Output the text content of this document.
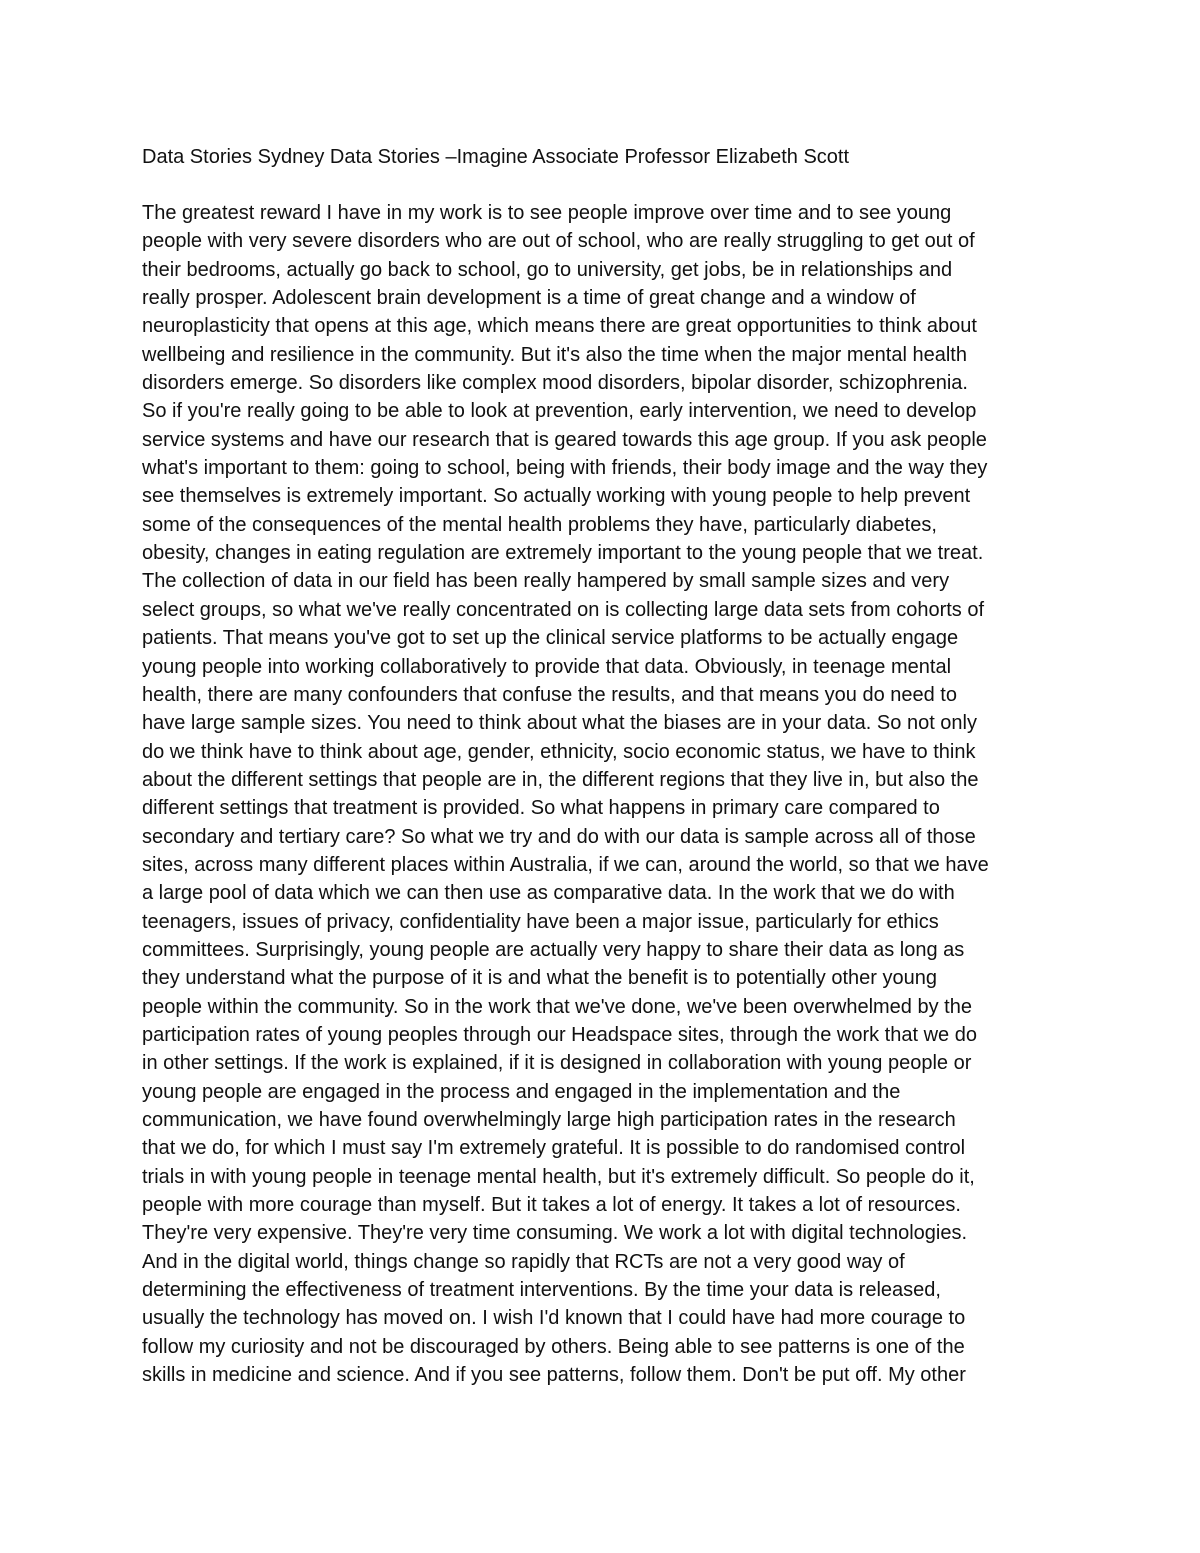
Data Stories Sydney Data Stories –Imagine Associate Professor Elizabeth Scott
The greatest reward I have in my work is to see people improve over time and to see young
people with very severe disorders who are out of school, who are really struggling to get out of
their bedrooms, actually go back to school, go to university, get jobs, be in relationships and
really prosper. Adolescent brain development is a time of great change and a window of
neuroplasticity that opens at this age, which means there are great opportunities to think about
wellbeing and resilience in the community. But it's also the time when the major mental health
disorders emerge. So disorders like complex mood disorders, bipolar disorder, schizophrenia.
So if you're really going to be able to look at prevention, early intervention, we need to develop
service systems and have our research that is geared towards this age group. If you ask people
what's important to them: going to school, being with friends, their body image and the way they
see themselves is extremely important. So actually working with young people to help prevent
some of the consequences of the mental health problems they have, particularly diabetes,
obesity, changes in eating regulation are extremely important to the young people that we treat.
The collection of data in our field has been really hampered by small sample sizes and very
select groups, so what we've really concentrated on is collecting large data sets from cohorts of
patients. That means you've got to set up the clinical service platforms to be actually engage
young people into working collaboratively to provide that data. Obviously, in teenage mental
health, there are many confounders that confuse the results, and that means you do need to
have large sample sizes. You need to think about what the biases are in your data. So not only
do we think have to think about age, gender, ethnicity, socio economic status, we have to think
about the different settings that people are in, the different regions that they live in, but also the
different settings that treatment is provided. So what happens in primary care compared to
secondary and tertiary care? So what we try and do with our data is sample across all of those
sites, across many different places within Australia, if we can, around the world, so that we have
a large pool of data which we can then use as comparative data. In the work that we do with
teenagers, issues of privacy, confidentiality have been a major issue, particularly for ethics
committees. Surprisingly, young people are actually very happy to share their data as long as
they understand what the purpose of it is and what the benefit is to potentially other young
people within the community. So in the work that we've done, we've been overwhelmed by the
participation rates of young peoples through our Headspace sites, through the work that we do
in other settings. If the work is explained, if it is designed in collaboration with young people or
young people are engaged in the process and engaged in the implementation and the
communication, we have found overwhelmingly large high participation rates in the research
that we do, for which I must say I'm extremely grateful. It is possible to do randomised control
trials in with young people in teenage mental health, but it's extremely difficult. So people do it,
people with more courage than myself. But it takes a lot of energy. It takes a lot of resources.
They're very expensive. They're very time consuming. We work a lot with digital technologies.
And in the digital world, things change so rapidly that RCTs are not a very good way of
determining the effectiveness of treatment interventions. By the time your data is released,
usually the technology has moved on. I wish I'd known that I could have had more courage to
follow my curiosity and not be discouraged by others. Being able to see patterns is one of the
skills in medicine and science. And if you see patterns, follow them. Don't be put off. My other
